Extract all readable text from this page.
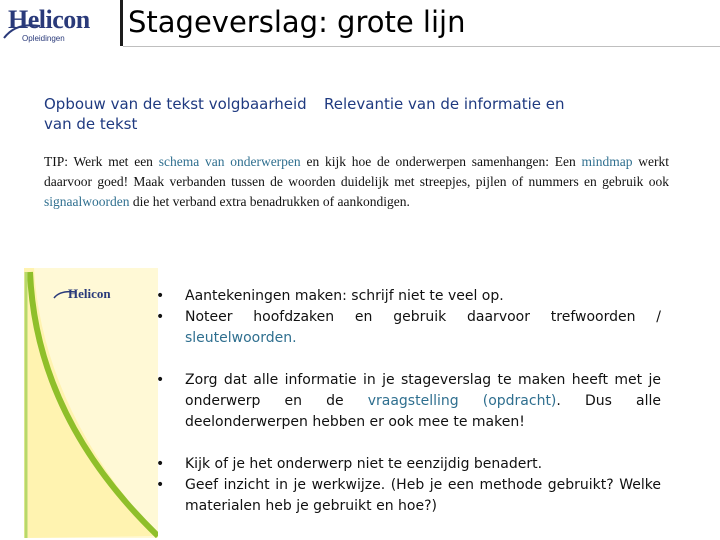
Helicon
Opleidingen Stageverslag: grote lijn
Opbouw van de tekst volgbaarheid van de tekst
Relevantie van de informatie en
TIP: Werk met een schema van onderwerpen en kijk hoe de onderwerpen samenhangen: Een mindmap werkt daarvoor goed! Maak verbanden tussen de woorden duidelijk met streepjes, pijlen of nummers en gebruik ook signaalwoorden die het verband extra benadrukken of aankondigen.
Helicon
•	Aantekeningen maken: schrijf niet te veel op.
• Noteer hoofdzaken en gebruik daarvoor trefwoorden / sleutelwoorden.
• Zorg dat alle informatie in je stageverslag te maken heeft met je onderwerp en de vraagstelling (opdracht). Dus alle deelonderwerpen hebben er ook mee te maken!
• Kijk of je het onderwerp niet te eenzijdig benadert.
• Geef inzicht in je werkwijze. (Heb je een methode gebruikt? Welke materialen heb je gebruikt en hoe?)
